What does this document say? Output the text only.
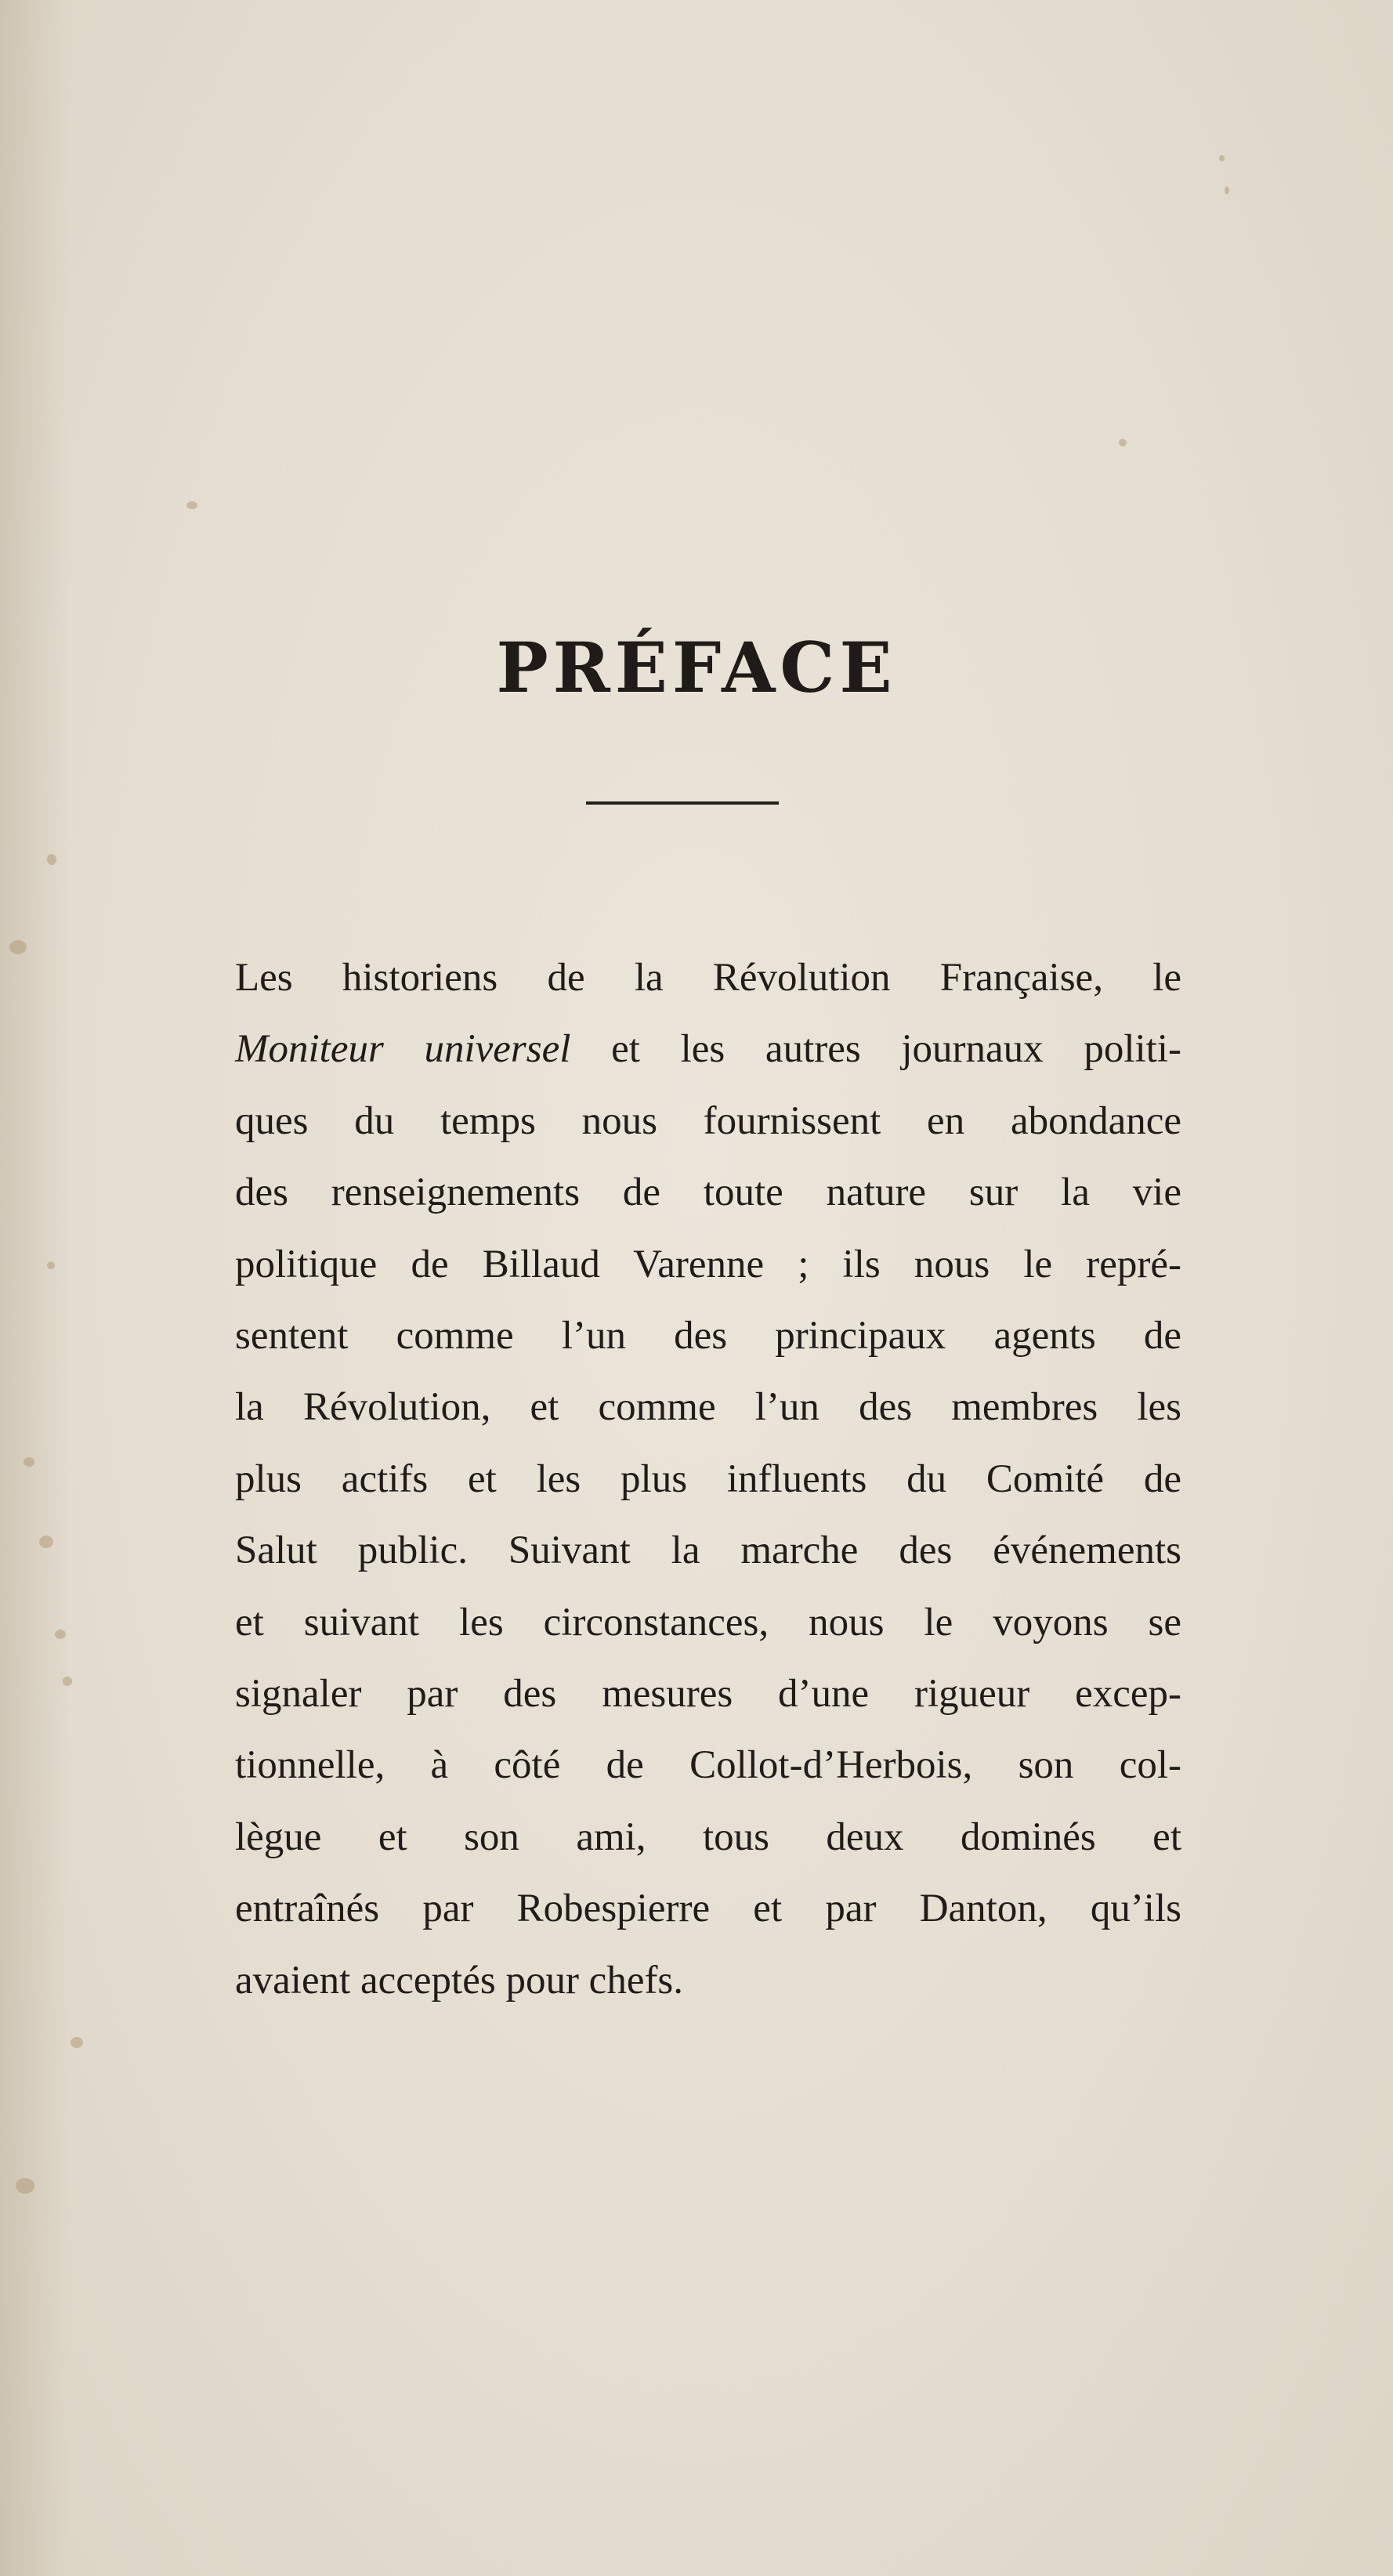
PRÉFACE
Les historiens de la Révolution Française, le
Moniteur universel et les autres journaux politi-
ques du temps nous fournissent en abondance
des renseignements de toute nature sur la vie
politique de Billaud Varenne ; ils nous le repré-
sentent comme l’un des principaux agents de
la Révolution, et comme l’un des membres les
plus actifs et les plus influents du Comité de
Salut public. Suivant la marche des événements
et suivant les circonstances, nous le voyons se
signaler par des mesures d’une rigueur excep-
tionnelle, à côté de Collot-d’Herbois, son col-
lègue et son ami, tous deux dominés et
entraînés par Robespierre et par Danton, qu’ils
avaient acceptés pour chefs.
